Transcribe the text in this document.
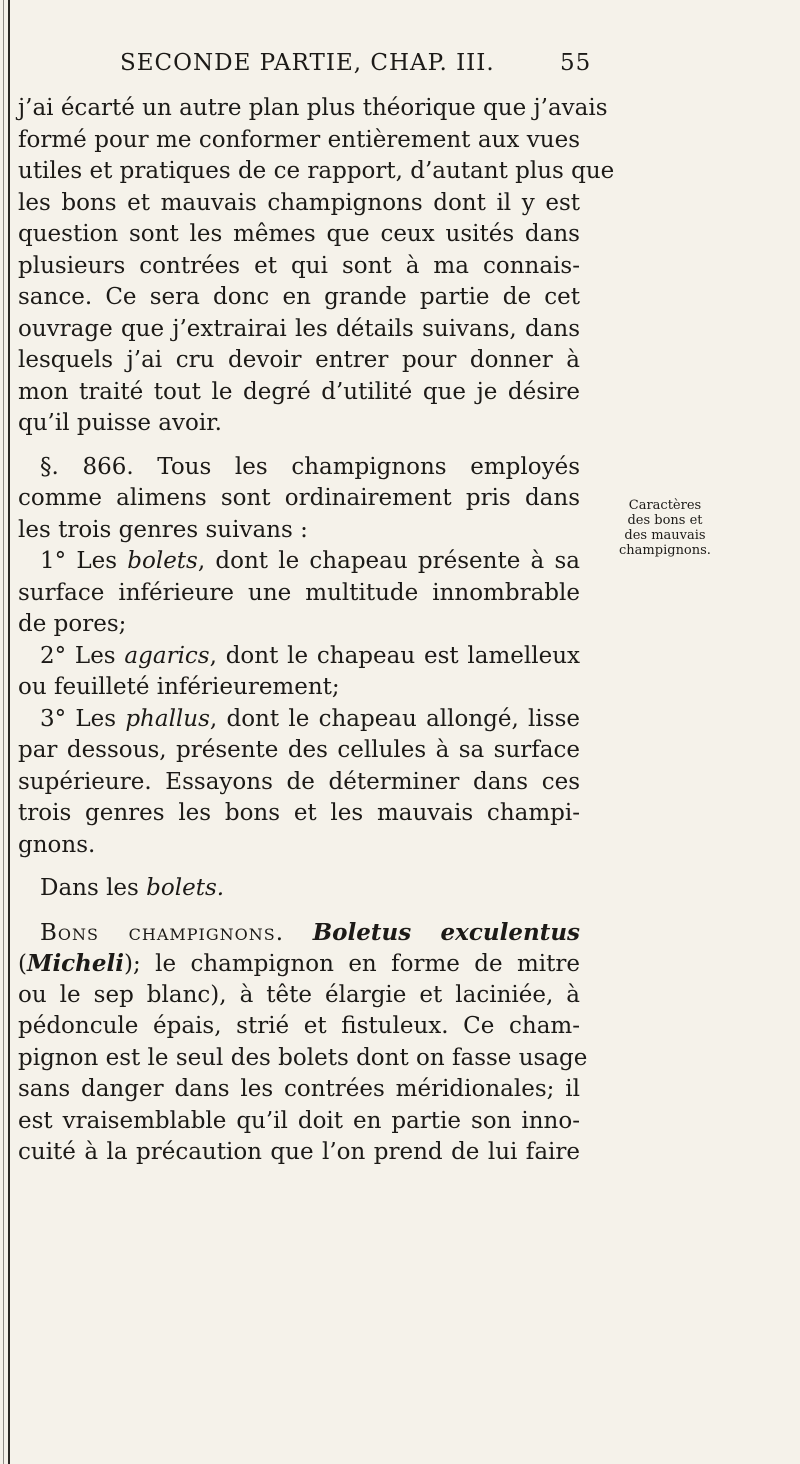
SECONDE PARTIE, CHAP. III.	55
j’ai écarté un autre plan plus théorique que j’avais
formé pour me conformer entièrement aux vues
utiles et pratiques de ce rapport, d’autant plus que
les bons et mauvais champignons dont il y est
question sont les mêmes que ceux usités dans
plusieurs contrées et qui sont à ma connais-
sance. Ce sera donc en grande partie de cet
ouvrage que j’extrairai les détails suivans, dans
lesquels j’ai cru devoir entrer pour donner à
mon traité tout le degré d’utilité que je désire
qu’il puisse avoir.
§. 866. Tous les champignons employés
comme alimens sont ordinairement pris dans
les trois genres suivans :
1° Les bolets, dont le chapeau présente à sa
surface inférieure une multitude innombrable
de pores;
2° Les agarics, dont le chapeau est lamelleux
ou feuilleté inférieurement;
3° Les phallus, dont le chapeau allongé, lisse
par dessous, présente des cellules à sa surface
supérieure. Essayons de déterminer dans ces
trois genres les bons et les mauvais champi-
gnons.
Dans les bolets.
Bons champignons. Boletus exculentus
(Micheli); le champignon en forme de mitre
ou le sep blanc), à tête élargie et laciniée, à
pédoncule épais, strié et fistuleux. Ce cham-
pignon est le seul des bolets dont on fasse usage
sans danger dans les contrées méridionales; il
est vraisemblable qu’il doit en partie son inno-
cuité à la précaution que l’on prend de lui faire
Caractères
des bons et
des mauvais
champignons.
